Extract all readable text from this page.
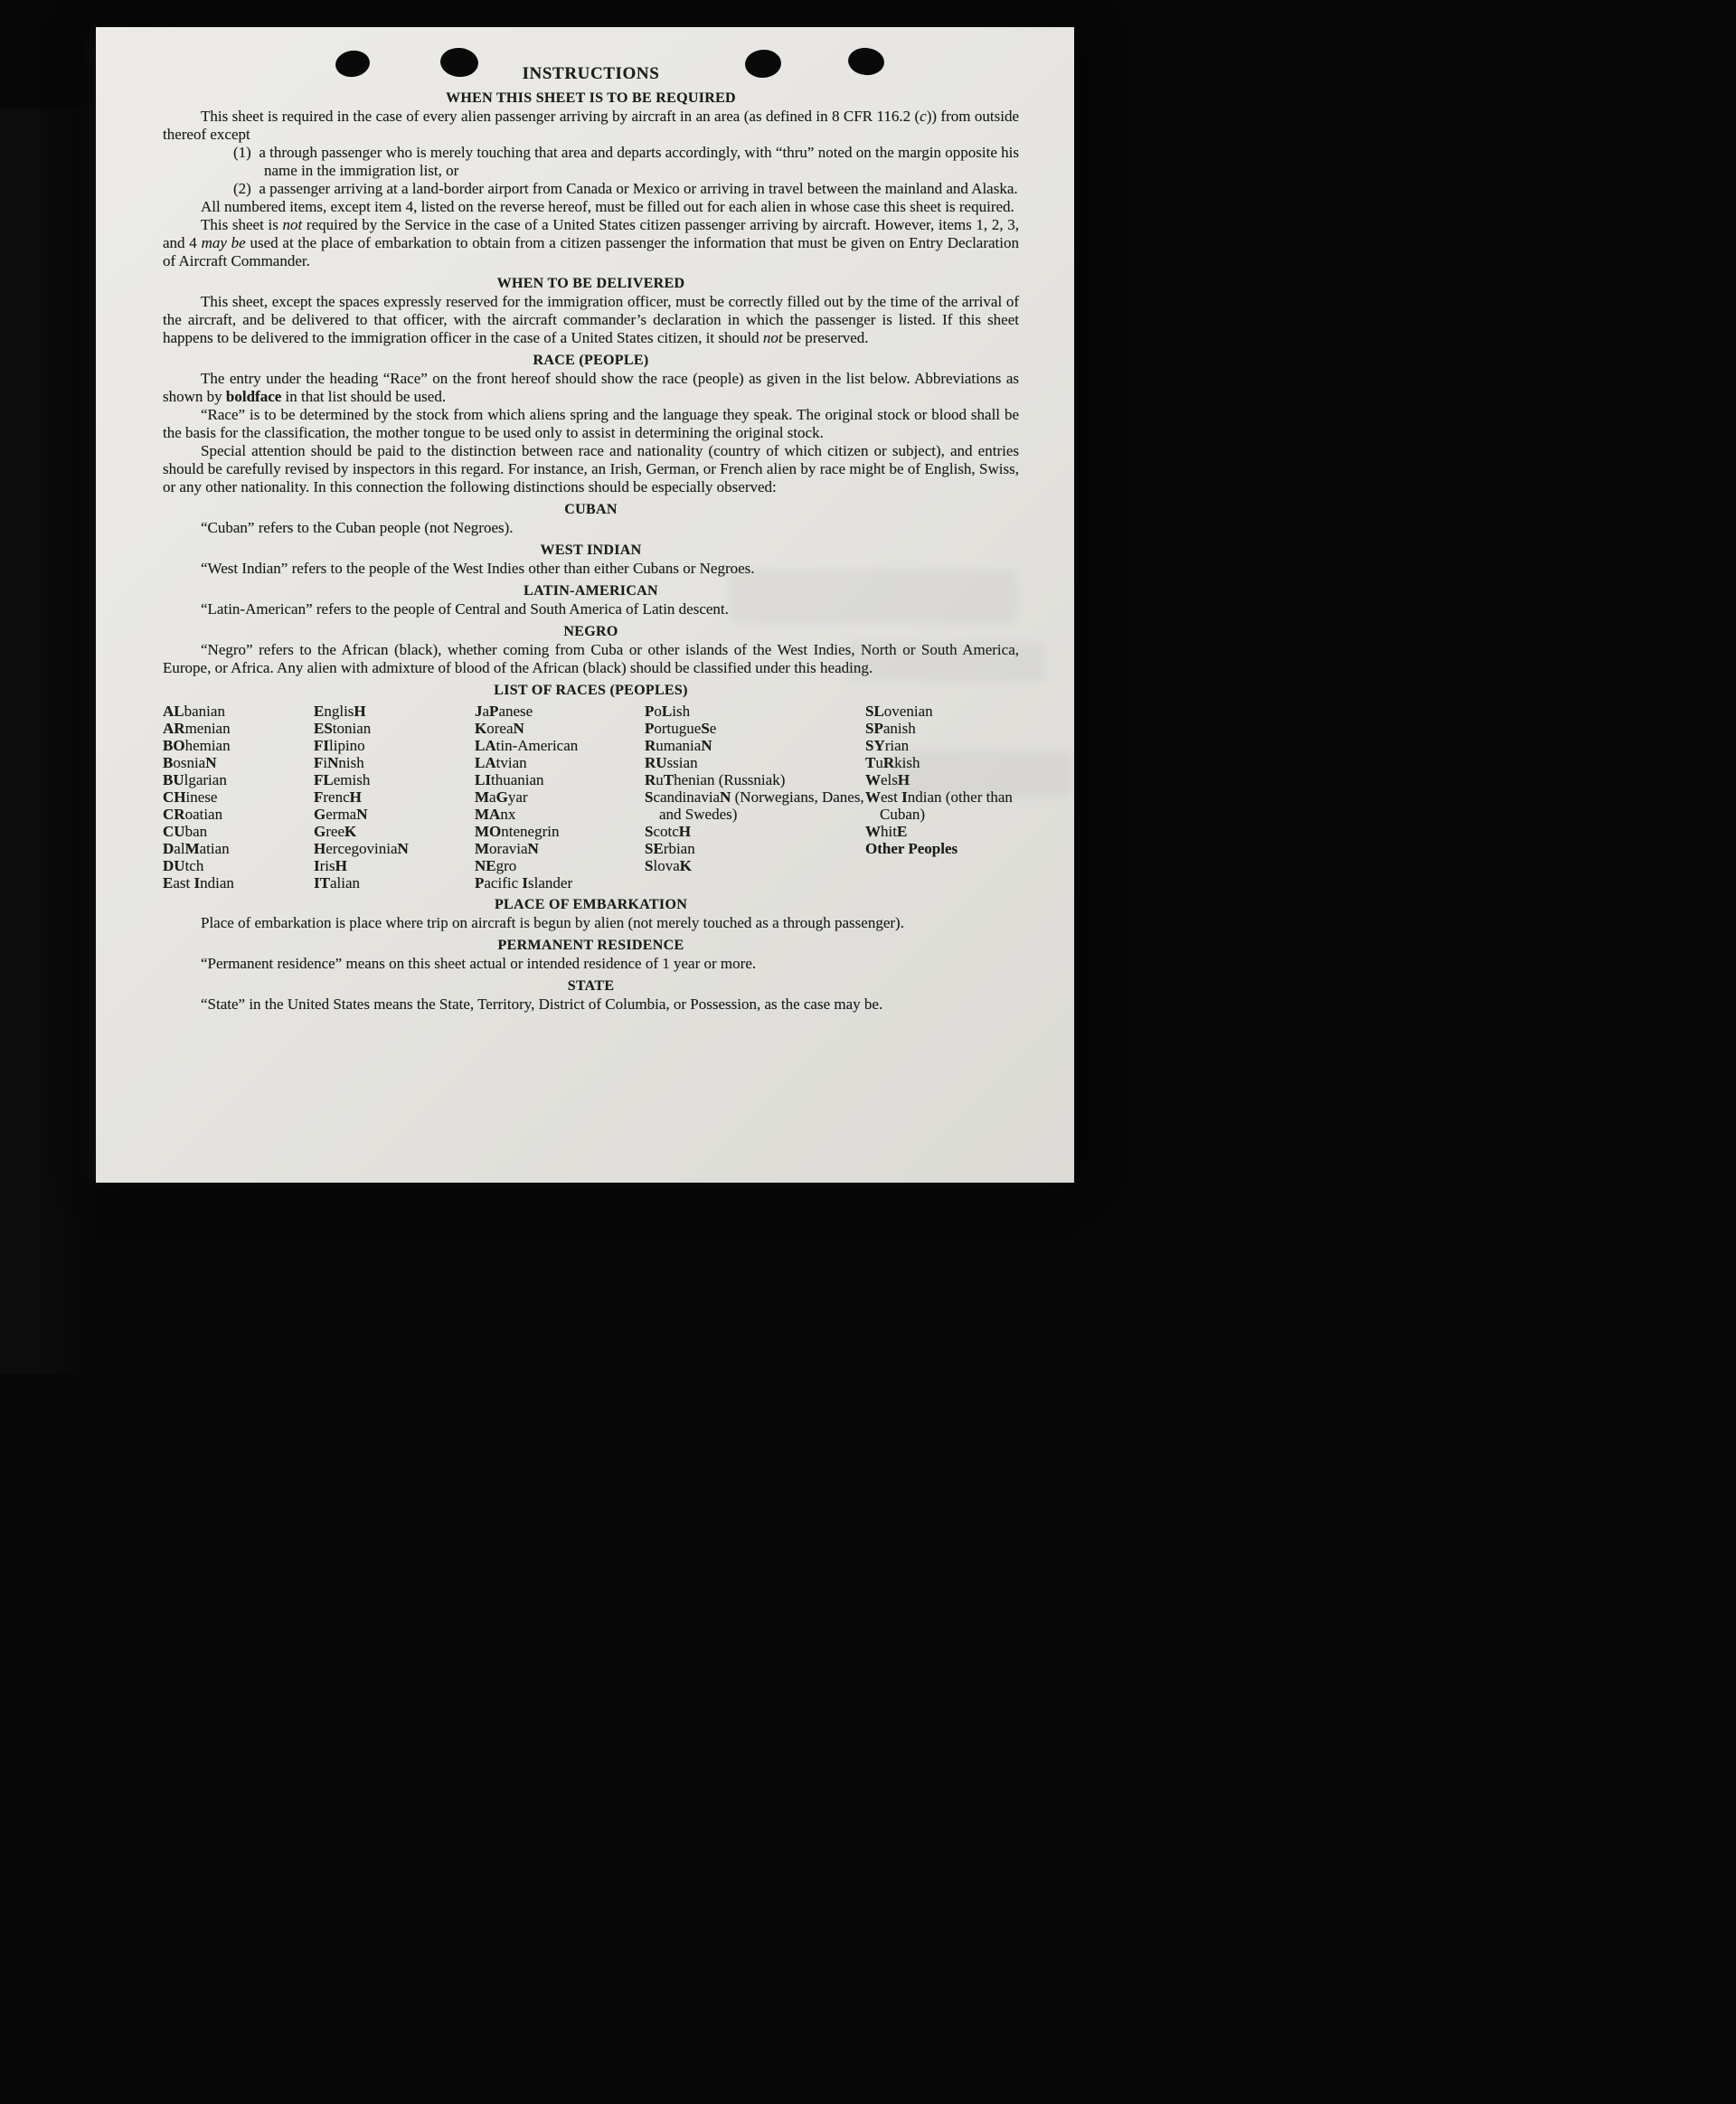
INSTRUCTIONS
WHEN THIS SHEET IS TO BE REQUIRED

This sheet is required in the case of every alien passenger arriving by aircraft in an area (as defined in 8 CFR 116.2 (c)) from outside thereof except

(1) a through passenger who is merely touching that area and departs accordingly, with “thru” noted on the margin opposite his name in the immigration list, or

(2) a passenger arriving at a land-border airport from Canada or Mexico or arriving in travel between the mainland and Alaska.

All numbered items, except item 4, listed on the reverse hereof, must be filled out for each alien in whose case this sheet is required.

This sheet is not required by the Service in the case of a United States citizen passenger arriving by aircraft. However, items 1, 2, 3, and 4 may be used at the place of embarkation to obtain from a citizen passenger the information that must be given on Entry Declaration of Aircraft Commander.

WHEN TO BE DELIVERED

This sheet, except the spaces expressly reserved for the immigration officer, must be correctly filled out by the time of the arrival of the aircraft, and be delivered to that officer, with the aircraft commander’s declaration in which the passenger is listed. If this sheet happens to be delivered to the immigration officer in the case of a United States citizen, it should not be preserved.

RACE (PEOPLE)

The entry under the heading “Race” on the front hereof should show the race (people) as given in the list below. Abbreviations as shown by boldface in that list should be used.

“Race” is to be determined by the stock from which aliens spring and the language they speak. The original stock or blood shall be the basis for the classification, the mother tongue to be used only to assist in determining the original stock.

Special attention should be paid to the distinction between race and nationality (country of which citizen or subject), and entries should be carefully revised by inspectors in this regard. For instance, an Irish, German, or French alien by race might be of English, Swiss, or any other nationality. In this connection the following distinctions should be especially observed:

CUBAN

“Cuban” refers to the Cuban people (not Negroes).

WEST INDIAN

“West Indian” refers to the people of the West Indies other than either Cubans or Negroes.

LATIN-AMERICAN

“Latin-American” refers to the people of Central and South America of Latin descent.

NEGRO

“Negro” refers to the African (black), whether coming from Cuba or other islands of the West Indies, North or South America, Europe, or Africa. Any alien with admixture of blood of the African (black) should be classified under this heading.

LIST OF RACES (PEOPLES)
ALbanian
ARmenian
BOhemian
BosniaN
BUlgarian
CHinese
CRoatian
CUban
DalMatian
DUtch
East Indian
EnglisH
EStonian
FIlipino
FiNnish
FLemish
FrencH
GermaN
GreeK
HercegoviniaN
IrisH
ITalian
JaPanese
KoreaN
LAtin-American
LAtvian
LIthuanian
MaGyar
MAnx
MOntenegrin
MoraviaN
NEgro
Pacific Islander
PoLish
PortugueSe
RumaniaN
RUssian
RuThenian (Russniak)
ScandinaviaN (Norwegians, Danes, and Swedes)
ScotcH
SErbian
SlovaK
SLovenian
SPanish
SYrian
TuRkish
WelsH
West Indian (other than Cuban)
WhitE
Other Peoples
PLACE OF EMBARKATION

Place of embarkation is place where trip on aircraft is begun by alien (not merely touched as a through passenger).

PERMANENT RESIDENCE

“Permanent residence” means on this sheet actual or intended residence of 1 year or more.

STATE

“State” in the United States means the State, Territory, District of Columbia, or Possession, as the case may be.
